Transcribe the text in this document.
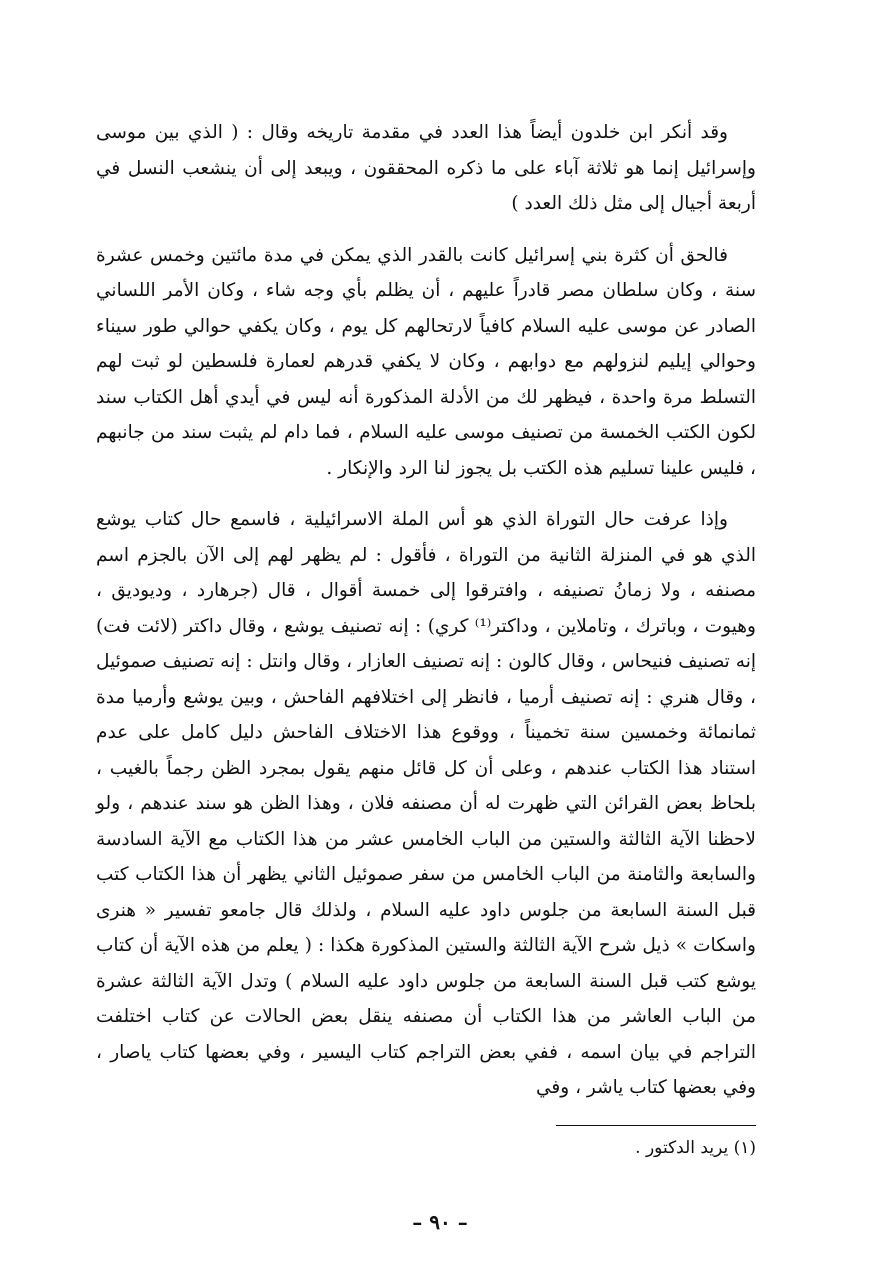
وقد أنكر ابن خلدون أيضاً هذا العدد في مقدمة تاريخه وقال : ( الذي بين موسى وإسرائيل إنما هو ثلاثة آباء على ما ذكره المحققون ، ويبعد إلى أن ينشعب النسل في أربعة أجيال إلى مثل ذلك العدد )

فالحق أن كثرة بني إسرائيل كانت بالقدر الذي يمكن في مدة مائتين وخمس عشرة سنة ، وكان سلطان مصر قادراً عليهم ، أن يظلم بأي وجه شاء ، وكان الأمر اللساني الصادر عن موسى عليه السلام كافياً لارتحالهم كل يوم ، وكان يكفي حوالي طور سيناء وحوالي إيليم لنزولهم مع دوابهم ، وكان لا يكفي قدرهم لعمارة فلسطين لو ثبت لهم التسلط مرة واحدة ، فيظهر لك من الأدلة المذكورة أنه ليس في أيدي أهل الكتاب سند لكون الكتب الخمسة من تصنيف موسى عليه السلام ، فما دام لم يثبت سند من جانبهم ، فليس علينا تسليم هذه الكتب بل يجوز لنا الرد والإنكار .

وإذا عرفت حال التوراة الذي هو أس الملة الاسرائيلية ، فاسمع حال كتاب يوشع الذي هو في المنزلة الثانية من التوراة ، فأقول : لم يظهر لهم إلى الآن بالجزم اسم مصنفه ، ولا زمانُ تصنيفه ، وافترقوا إلى خمسة أقوال ، قال (جرهارد ، وديوديق ، وهيوت ، وباترك ، وتاملاين ، وداكتر⁽¹⁾ كري) : إنه تصنيف يوشع ، وقال داكتر (لائت فت) إنه تصنيف فنيحاس ، وقال كالون : إنه تصنيف العازار ، وقال وانتل : إنه تصنيف صموئيل ، وقال هنري : إنه تصنيف أرميا ، فانظر إلى اختلافهم الفاحش ، وبين يوشع وأرميا مدة ثمانمائة وخمسين سنة تخميناً ، ووقوع هذا الاختلاف الفاحش دليل كامل على عدم استناد هذا الكتاب عندهم ، وعلى أن كل قائل منهم يقول بمجرد الظن رجماً بالغيب ، بلحاظ بعض القرائن التي ظهرت له أن مصنفه فلان ، وهذا الظن هو سند عندهم ، ولو لاحظنا الآية الثالثة والستين من الباب الخامس عشر من هذا الكتاب مع الآية السادسة والسابعة والثامنة من الباب الخامس من سفر صموئيل الثاني يظهر أن هذا الكتاب كتب قبل السنة السابعة من جلوس داود عليه السلام ، ولذلك قال جامعو تفسير « هنرى واسكات » ذيل شرح الآية الثالثة والستين المذكورة هكذا : ( يعلم من هذه الآية أن كتاب يوشع كتب قبل السنة السابعة من جلوس داود عليه السلام ) وتدل الآية الثالثة عشرة من الباب العاشر من هذا الكتاب أن مصنفه ينقل بعض الحالات عن كتاب اختلفت التراجم في بيان اسمه ، ففي بعض التراجم كتاب اليسير ، وفي بعضها كتاب ياصار ، وفي بعضها كتاب ياشر ، وفي

(١) يريد الدكتور .
– ٩٠ –
